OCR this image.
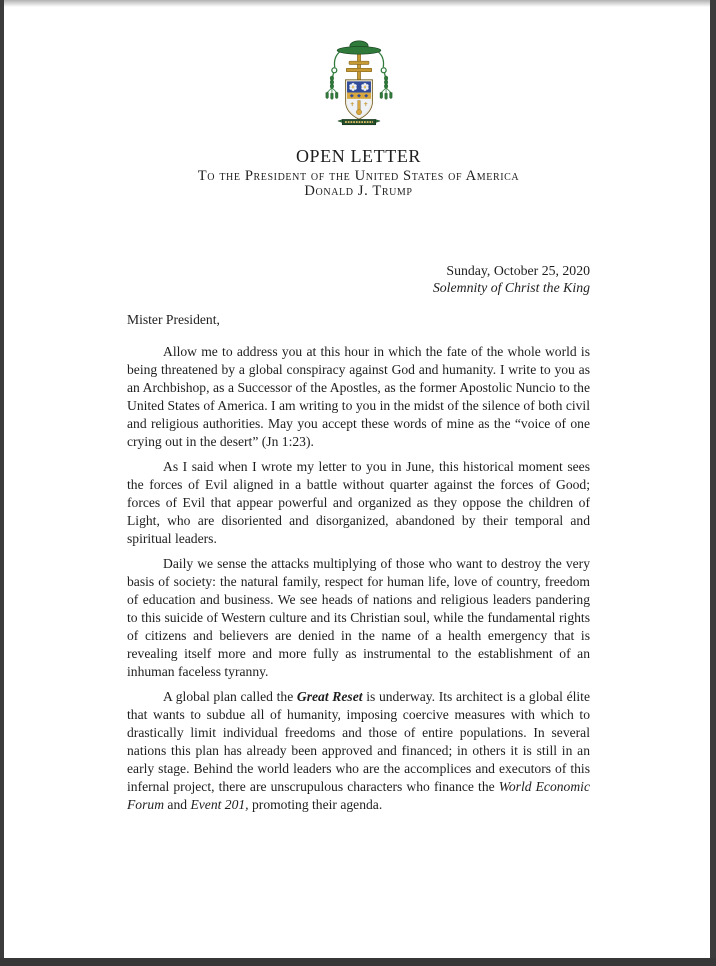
OPEN LETTER
To the President of the United States of America
Donald J. Trump
Sunday, October 25, 2020
Solemnity of Christ the King
Mister President,

Allow me to address you at this hour in which the fate of the whole world is being threatened by a global conspiracy against God and humanity. I write to you as an Archbishop, as a Successor of the Apostles, as the former Apostolic Nuncio to the United States of America. I am writing to you in the midst of the silence of both civil and religious authorities. May you accept these words of mine as the “voice of one crying out in the desert” (Jn 1:23).

As I said when I wrote my letter to you in June, this historical moment sees the forces of Evil aligned in a battle without quarter against the forces of Good; forces of Evil that appear powerful and organized as they oppose the children of Light, who are disoriented and disorganized, abandoned by their temporal and spiritual leaders.

Daily we sense the attacks multiplying of those who want to destroy the very basis of society: the natural family, respect for human life, love of country, freedom of education and business. We see heads of nations and religious leaders pandering to this suicide of Western culture and its Christian soul, while the fundamental rights of citizens and believers are denied in the name of a health emergency that is revealing itself more and more fully as instrumental to the establishment of an inhuman faceless tyranny.

A global plan called the Great Reset is underway. Its architect is a global élite that wants to subdue all of humanity, imposing coercive measures with which to drastically limit individual freedoms and those of entire populations. In several nations this plan has already been approved and financed; in others it is still in an early stage. Behind the world leaders who are the accomplices and executors of this infernal project, there are unscrupulous characters who finance the World Economic Forum and Event 201, promoting their agenda.
